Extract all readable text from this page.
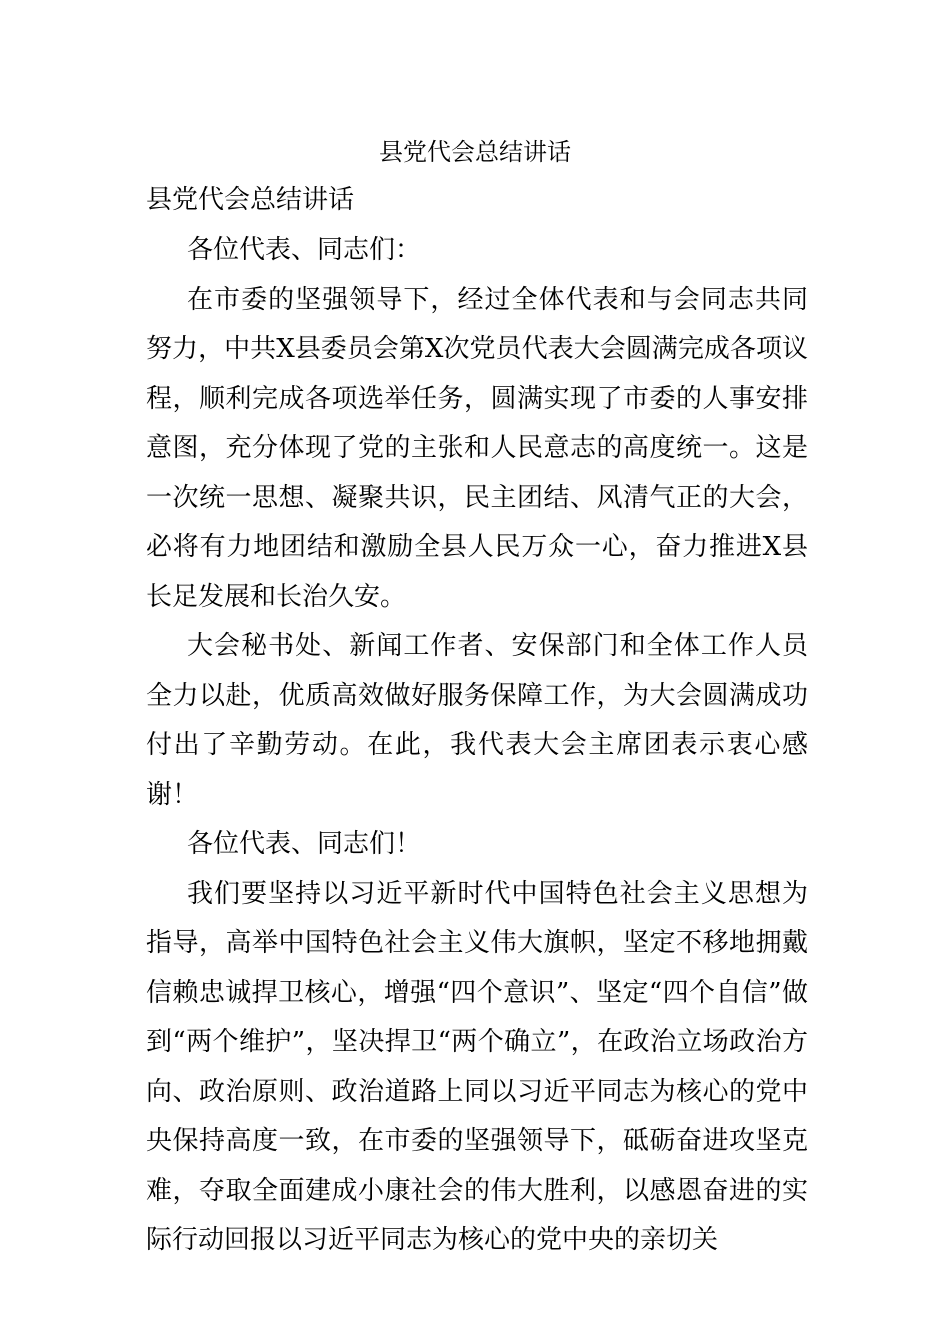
县党代会总结讲话

县党代会总结讲话

各位代表、同志们：

在市委的坚强领导下，经过全体代表和与会同志共同努力，中共X县委员会第X次党员代表大会圆满完成各项议程，顺利完成各项选举任务，圆满实现了市委的人事安排意图，充分体现了党的主张和人民意志的高度统一。这是一次统一思想、凝聚共识，民主团结、风清气正的大会，必将有力地团结和激励全县人民万众一心，奋力推进X县长足发展和长治久安。

大会秘书处、新闻工作者、安保部门和全体工作人员全力以赴，优质高效做好服务保障工作，为大会圆满成功付出了辛勤劳动。在此，我代表大会主席团表示衷心感谢！

各位代表、同志们！

我们要坚持以习近平新时代中国特色社会主义思想为指导，高举中国特色社会主义伟大旗帜，坚定不移地拥戴信赖忠诚捍卫核心，增强“四个意识”、坚定“四个自信”做到“两个维护”，坚决捍卫“两个确立”，在政治立场政治方向、政治原则、政治道路上同以习近平同志为核心的党中央保持高度一致，在市委的坚强领导下，砥砺奋进攻坚克难，夺取全面建成小康社会的伟大胜利，以感恩奋进的实际行动回报以习近平同志为核心的党中央的亲切关
